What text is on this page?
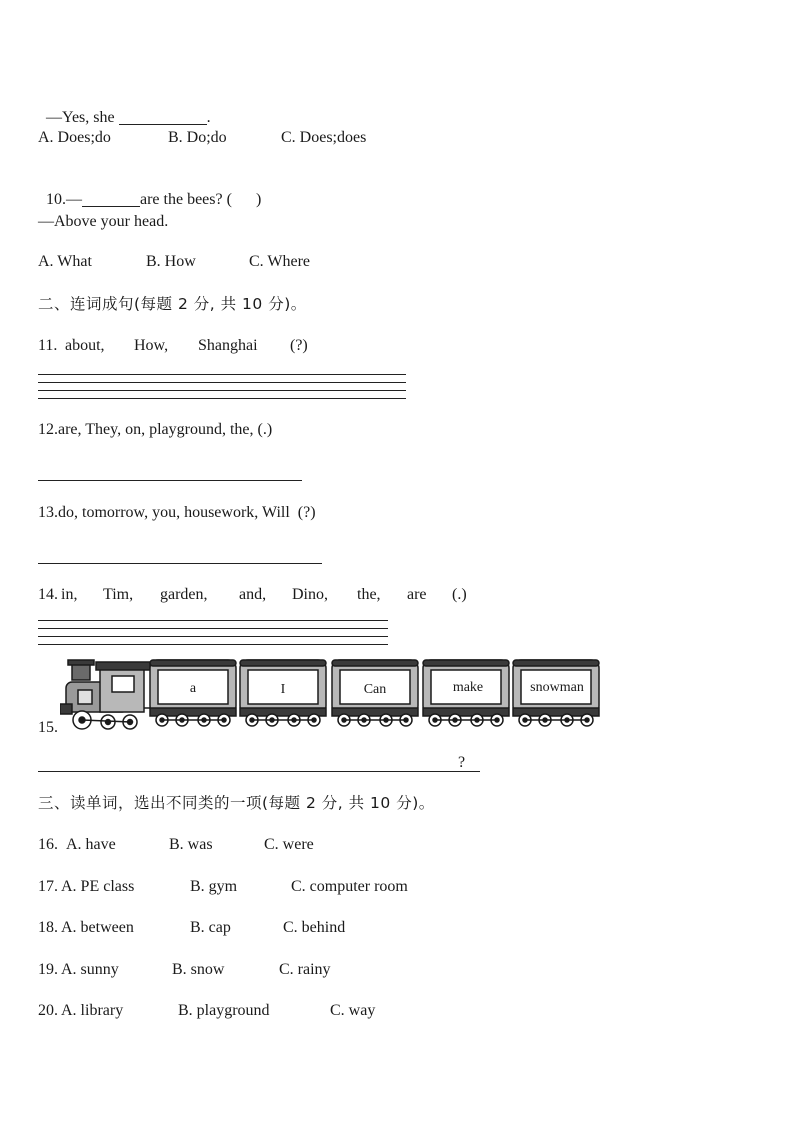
—Yes, she	.

A. Does;do	B. Do;do	C. Does;does

10.—	are the bees? (      )

—Above your head.
A. What	B. How	C. Where
二、连词成句(每题 2 分, 共 10 分)。
11. about, How, Shanghai (?)
12.are, They, on, playground, the, (.)
13.do, tomorrow, you, housework, Will  (?)
14. in, Tim, garden, and, Dino, the, are (.)
a	I	Can	make	snowman
15.
?
三、读单词，选出不同类的一项(每题 2 分, 共 10 分)。
16. A. have	B. was	C. were
17. A. PE class	B. gym	C. computer room
18. A. between	B. cap	C. behind
19. A. sunny	B. snow	C. rainy
20. A. library	B. playground	C. way
